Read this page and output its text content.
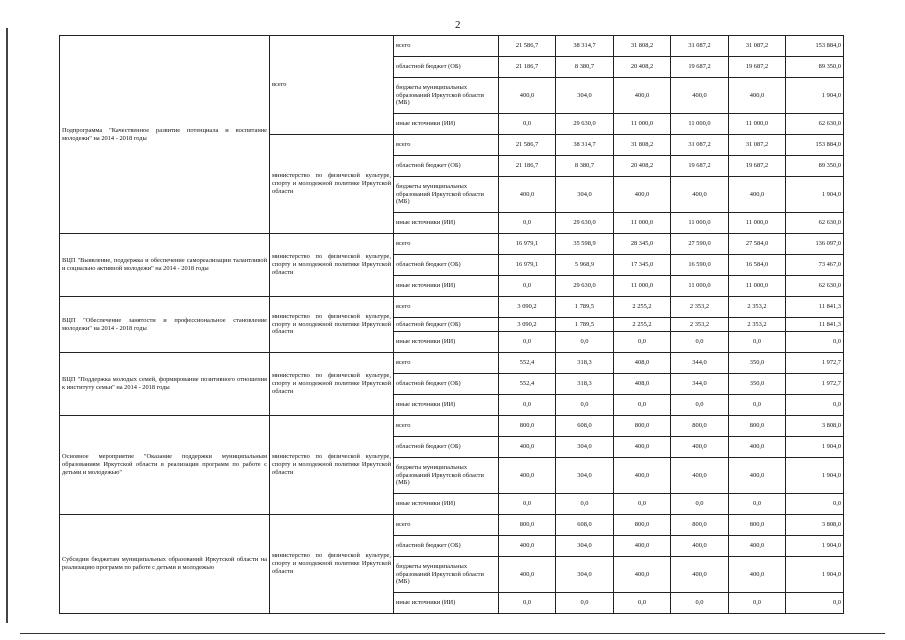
2
Подпрограмма "Качественное развитие потенциала и воспитание молодежи" на 2014 - 2018 годы	всего	всего	21 586,7	38 314,7	31 808,2	31 087,2	31 087,2	153 884,0
		областной бюджет (ОБ)	21 186,7	8 380,7	20 408,2	19 687,2	19 687,2	89 350,0
		бюджеты муниципальных образований Иркутской области (МБ)	400,0	304,0	400,0	400,0	400,0	1 904,0
		иные источники (ИИ)	0,0	29 630,0	11 000,0	11 000,0	11 000,0	62 630,0
	министерство по физической культуре, спорту и молодежной политике Иркутской области	всего	21 586,7	38 314,7	31 808,2	31 087,2	31 087,2	153 884,0
		областной бюджет (ОБ)	21 186,7	8 380,7	20 408,2	19 687,2	19 687,2	89 350,0
		бюджеты муниципальных образований Иркутской области (МБ)	400,0	304,0	400,0	400,0	400,0	1 904,0
		иные источники (ИИ)	0,0	29 630,0	11 000,0	11 000,0	11 000,0	62 630,0
ВЦП "Выявление, поддержка и обеспечение самореализации талантливой и социально активной молодежи" на 2014 - 2018 годы	министерство по физической культуре, спорту и молодежной политике Иркутской области	всего	16 979,1	35 598,9	28 345,0	27 590,0	27 584,0	136 097,0
		областной бюджет (ОБ)	16 979,1	5 968,9	17 345,0	16 590,0	16 584,0	73 467,0
		иные источники (ИИ)	0,0	29 630,0	11 000,0	11 000,0	11 000,0	62 630,0
ВЦП "Обеспечение занятости и профессиональное становление молодежи" на 2014 - 2018 годы	министерство по физической культуре, спорту и молодежной политике Иркутской области	всего	3 090,2	1 789,5	2 255,2	2 353,2	2 353,2	11 841,3
		областной бюджет (ОБ)	3 090,2	1 789,5	2 255,2	2 353,2	2 353,2	11 841,3
		иные источники (ИИ)	0,0	0,0	0,0	0,0	0,0	0,0
ВЦП "Поддержка молодых семей, формирование позитивного отношения к институту семьи" на 2014 - 2018 годы	министерство по физической культуре, спорту и молодежной политике Иркутской области	всего	552,4	318,3	408,0	344,0	350,0	1 972,7
		областной бюджет (ОБ)	552,4	318,3	408,0	344,0	350,0	1 972,7
		иные источники (ИИ)	0,0	0,0	0,0	0,0	0,0	0,0
Основное мероприятие "Оказание поддержки муниципальным образованиям Иркутской области в реализации программ по работе с детьми и молодежью"	министерство по физической культуре, спорту и молодежной политике Иркутской области	всего	800,0	608,0	800,0	800,0	800,0	3 808,0
		областной бюджет (ОБ)	400,0	304,0	400,0	400,0	400,0	1 904,0
		бюджеты муниципальных образований Иркутской области (МБ)	400,0	304,0	400,0	400,0	400,0	1 904,0
		иные источники (ИИ)	0,0	0,0	0,0	0,0	0,0	0,0
Субсидии бюджетам муниципальных образований Иркутской области на реализацию программ по работе с детьми и молодежью	министерство по физической культуре, спорту и молодежной политике Иркутской области	всего	800,0	608,0	800,0	800,0	800,0	3 808,0
		областной бюджет (ОБ)	400,0	304,0	400,0	400,0	400,0	1 904,0
		бюджеты муниципальных образований Иркутской области (МБ)	400,0	304,0	400,0	400,0	400,0	1 904,0
		иные источники (ИИ)	0,0	0,0	0,0	0,0	0,0	0,0
